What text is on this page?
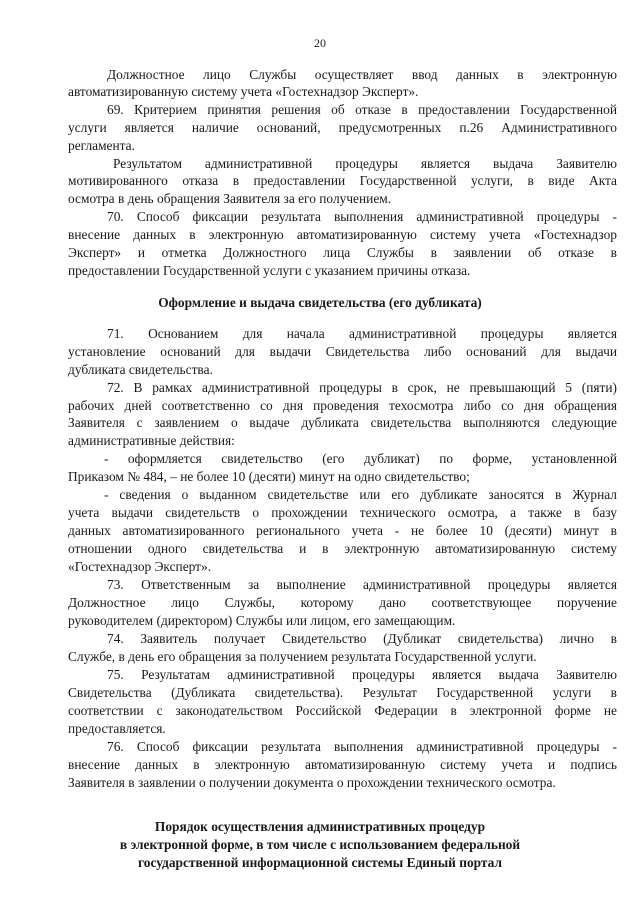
20
Должностное лицо Службы осуществляет ввод данных в электронную
автоматизированную систему учета «Гостехнадзор Эксперт».
69. Критерием принятия решения об отказе в предоставлении Государственной
услуги является наличие оснований, предусмотренных п.26 Административного
регламента.
Результатом административной процедуры является выдача Заявителю
мотивированного отказа в предоставлении Государственной услуги, в виде Акта
осмотра в день обращения Заявителя за его получением.
70. Способ фиксации результата выполнения административной процедуры -
внесение данных в электронную автоматизированную систему учета «Гостехнадзор
Эксперт» и отметка Должностного лица Службы в заявлении об отказе в
предоставлении Государственной услуги с указанием причины отказа.
71. Основанием для начала административной процедуры является
установление оснований для выдачи Свидетельства либо оснований для выдачи
дубликата свидетельства.
72. В рамках административной процедуры в срок, не превышающий 5 (пяти)
рабочих дней соответственно со дня проведения техосмотра либо со дня обращения
Заявителя с заявлением о выдаче дубликата свидетельства выполняются следующие
административные действия:
- оформляется свидетельство (его дубликат) по форме, установленной
Приказом № 484, – не более 10 (десяти) минут на одно свидетельство;
- сведения о выданном свидетельстве или его дубликате заносятся в Журнал
учета выдачи свидетельств о прохождении технического осмотра, а также в базу
данных автоматизированного регионального учета - не более 10 (десяти) минут в
отношении одного свидетельства и в электронную автоматизированную систему
«Гостехнадзор Эксперт».
73. Ответственным за выполнение административной процедуры является
Должностное лицо Службы, которому дано соответствующее поручение
руководителем (директором) Службы или лицом, его замещающим.
74. Заявитель получает Свидетельство (Дубликат свидетельства) лично в
Службе, в день его обращения за получением результата Государственной услуги.
75. Результатам административной процедуры является выдача Заявителю
Свидетельства (Дубликата свидетельства). Результат Государственной услуги в
соответствии с законодательством Российской Федерации в электронной форме не
предоставляется.
76. Способ фиксации результата выполнения административной процедуры -
внесение данных в электронную автоматизированную систему учета и подпись
Заявителя в заявлении о получении документа о прохождении технического осмотра.
Оформление и выдача свидетельства (его дубликата)
Порядок осуществления административных процедур
в электронной форме, в том числе с использованием федеральной
государственной информационной системы Единый портал
